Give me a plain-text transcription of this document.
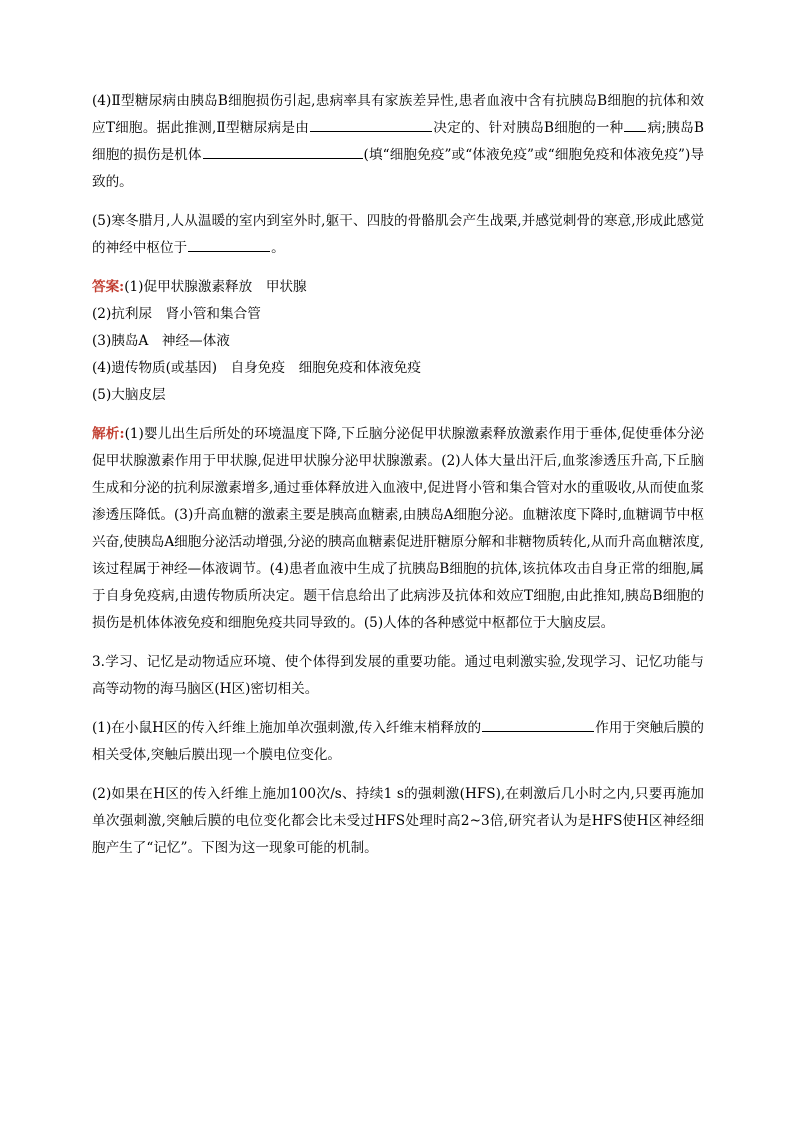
(4)Ⅱ型糖尿病由胰岛B细胞损伤引起,患病率具有家族差异性,患者血液中含有抗胰岛B细胞的抗体和效应T细胞。据此推测,Ⅱ型糖尿病是由	决定的、针对胰岛B细胞的一种 病;胰岛B细胞的损伤是机体	(填“细胞免疫”或“体液免疫”或“细胞免疫和体液免疫”)导致的。

(5)寒冬腊月,人从温暖的室内到室外时,躯干、四肢的骨骼肌会产生战栗,并感觉刺骨的寒意,形成此感觉的神经中枢位于	。

答案:(1)促甲状腺激素释放　甲状腺

(2)抗利尿　肾小管和集合管

(3)胰岛A　神经—体液

(4)遗传物质(或基因)　自身免疫　细胞免疫和体液免疫

(5)大脑皮层

解析:(1)婴儿出生后所处的环境温度下降,下丘脑分泌促甲状腺激素释放激素作用于垂体,促使垂体分泌促甲状腺激素作用于甲状腺,促进甲状腺分泌甲状腺激素。(2)人体大量出汗后,血浆渗透压升高,下丘脑生成和分泌的抗利尿激素增多,通过垂体释放进入血液中,促进肾小管和集合管对水的重吸收,从而使血浆渗透压降低。(3)升高血糖的激素主要是胰高血糖素,由胰岛A细胞分泌。血糖浓度下降时,血糖调节中枢兴奋,使胰岛A细胞分泌活动增强,分泌的胰高血糖素促进肝糖原分解和非糖物质转化,从而升高血糖浓度,该过程属于神经—体液调节。(4)患者血液中生成了抗胰岛B细胞的抗体,该抗体攻击自身正常的细胞,属于自身免疫病,由遗传物质所决定。题干信息给出了此病涉及抗体和效应T细胞,由此推知,胰岛B细胞的损伤是机体体液免疫和细胞免疫共同导致的。(5)人体的各种感觉中枢都位于大脑皮层。

3.学习、记忆是动物适应环境、使个体得到发展的重要功能。通过电刺激实验,发现学习、记忆功能与高等动物的海马脑区(H区)密切相关。

(1)在小鼠H区的传入纤维上施加单次强刺激,传入纤维末梢释放的	作用于突触后膜的相关受体,突触后膜出现一个膜电位变化。

(2)如果在H区的传入纤维上施加100次/s、持续1 s的强刺激(HFS),在刺激后几小时之内,只要再施加单次强刺激,突触后膜的电位变化都会比未受过HFS处理时高2~3倍,研究者认为是HFS使H区神经细胞产生了“记忆”。下图为这一现象可能的机制。
